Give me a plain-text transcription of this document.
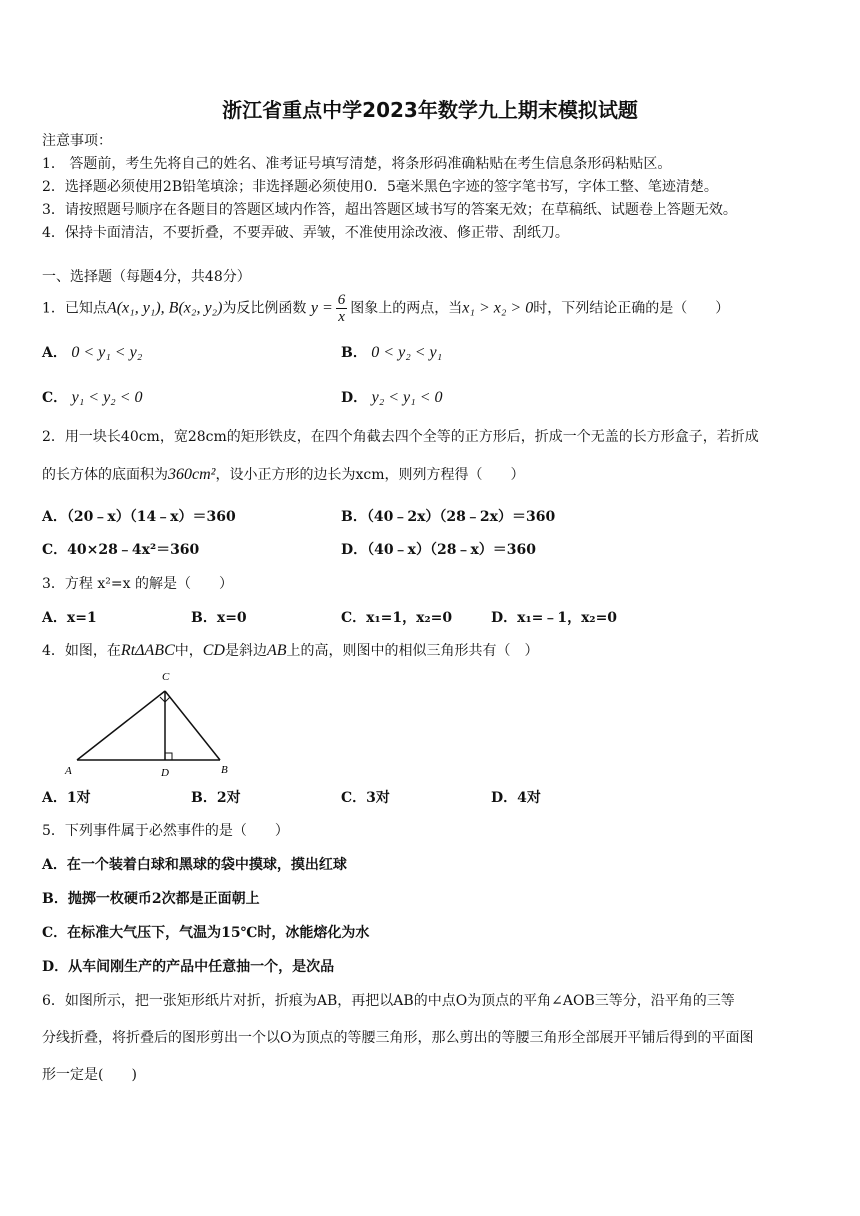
浙江省重点中学2023年数学九上期末模拟试题
注意事项：
1． 答题前，考生先将自己的姓名、准考证号填写清楚，将条形码准确粘贴在考生信息条形码粘贴区。
2．选择题必须使用2B铅笔填涂；非选择题必须使用0．5毫米黑色字迹的签字笔书写，字体工整、笔迹清楚。
3．请按照题号顺序在各题目的答题区域内作答，超出答题区域书写的答案无效；在草稿纸、试题卷上答题无效。
4．保持卡面清洁，不要折叠，不要弄破、弄皱，不准使用涂改液、修正带、刮纸刀。
一、选择题（每题4分，共48分）
1．已知点A(x₁, y₁), B(x₂, y₂)为反比例函数 $y = \frac{6}{x}$ 图象上的两点，当x₁ > x₂ > 0时，下列结论正确的是（　　）
A． 0 < y₁ < y₂	B． 0 < y₂ < y₁
C． y₁ < y₂ < 0	D． y₂ < y₁ < 0
2．用一块长40cm，宽28cm的矩形铁皮，在四个角截去四个全等的正方形后，折成一个无盖的长方形盒子，若折成
的长方体的底面积为360cm²，设小正方形的边长为xcm，则列方程得（　　）
A．（20﹣x）（14﹣x）＝360	B．（40﹣2x）（28﹣2x）＝360
C．40×28﹣4x²＝360	D．（40﹣x）（28﹣x）＝360
3．方程 x²=x 的解是（　　）
A．x=1	B．x=0	C．x₁=1，x₂=0	D．x₁=﹣1，x₂=0
4．如图，在RtΔABC中，CD是斜边AB上的高，则图中的相似三角形共有（　）
C
A	D	B
A．1对	B．2对	C．3对	D．4对
5．下列事件属于必然事件的是（　　）
A．在一个装着白球和黑球的袋中摸球，摸出红球
B．抛掷一枚硬币2次都是正面朝上
C．在标准大气压下，气温为15℃时，冰能熔化为水
D．从车间刚生产的产品中任意抽一个，是次品
6．如图所示，把一张矩形纸片对折，折痕为AB，再把以AB的中点O为顶点的平角∠AOB三等分，沿平角的三等
分线折叠，将折叠后的图形剪出一个以O为顶点的等腰三角形，那么剪出的等腰三角形全部展开平铺后得到的平面图
形一定是(　　)
